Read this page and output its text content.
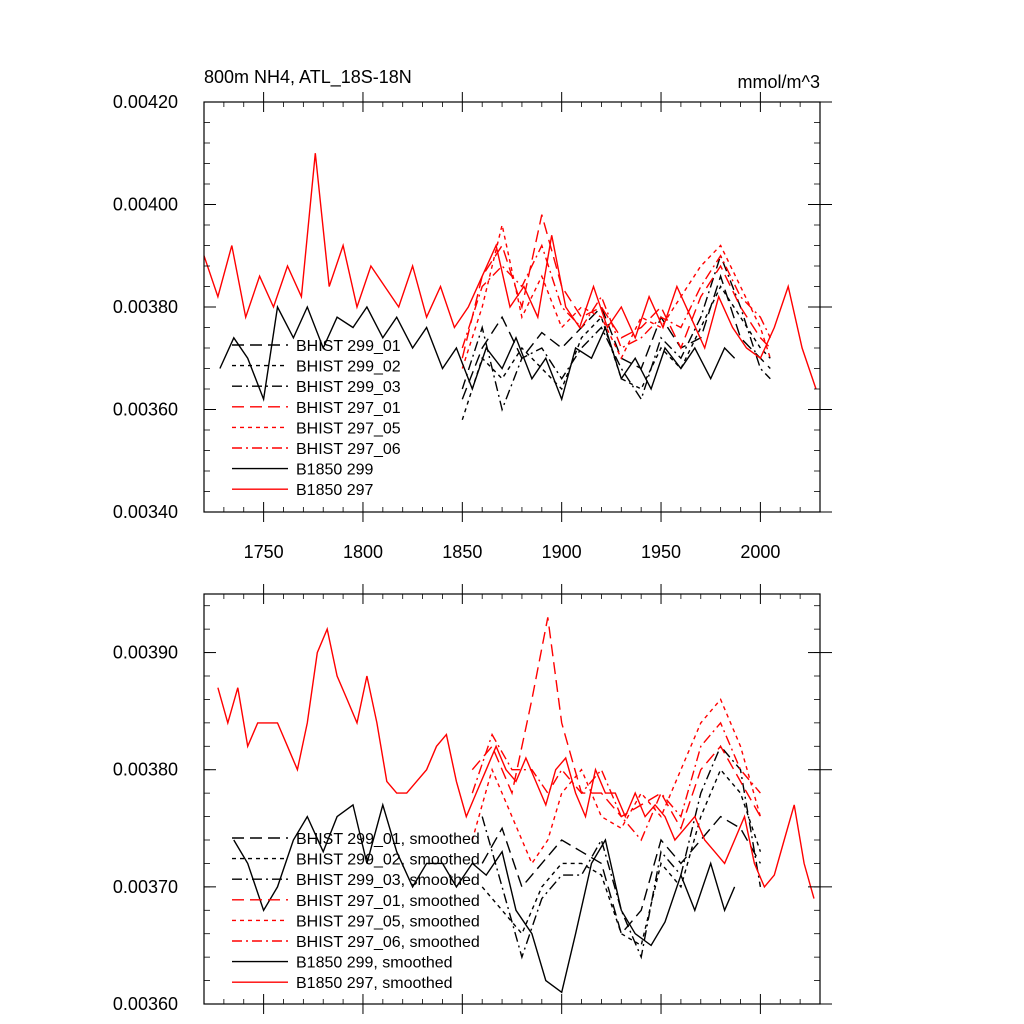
800m NH4, ATL_18S-18N	mmol/m^3
1750	1800	1850	1900	1950	2000
0.00340
0.00360
0.00380
0.00400
0.00420
BHIST 299_01
BHIST 299_02
BHIST 299_03
BHIST 297_01
BHIST 297_05
BHIST 297_06
B1850 299
B1850 297
0.00360
0.00370
0.00380
0.00390
BHIST 299_01, smoothed
BHIST 299_02, smoothed
BHIST 299_03, smoothed
BHIST 297_01, smoothed
BHIST 297_05, smoothed
BHIST 297_06, smoothed
B1850 299, smoothed
B1850 297, smoothed
